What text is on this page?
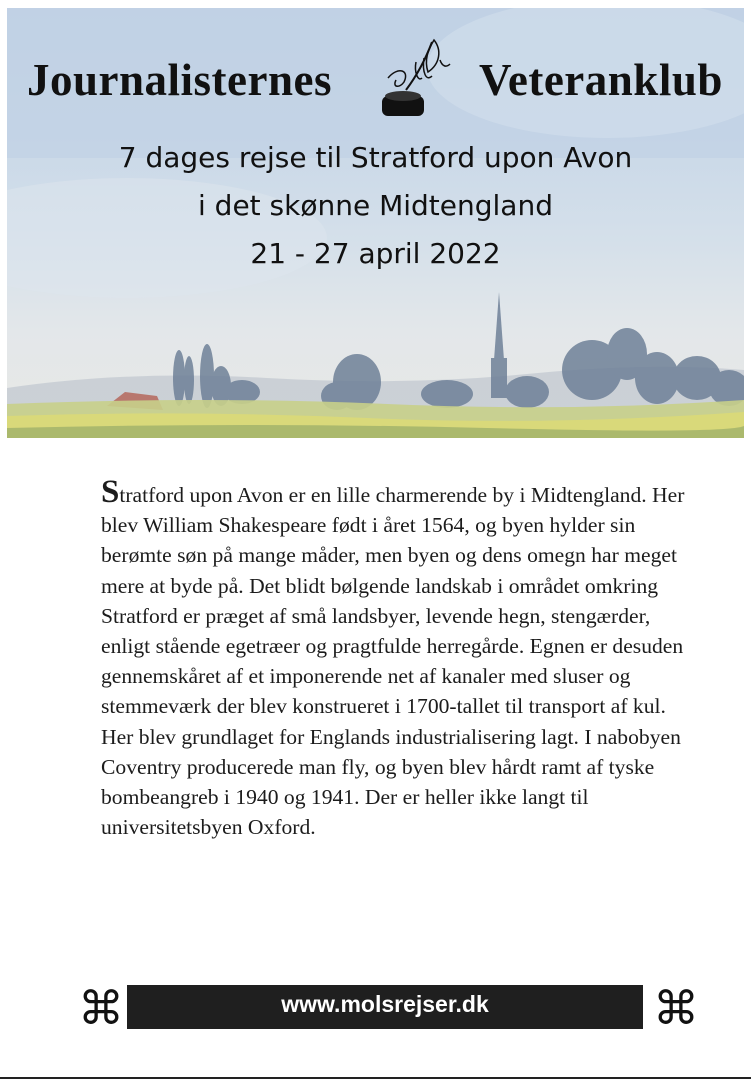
Journalisternes	Veteranklub
7 dages rejse til Stratford upon Avon
i det skønne Midtengland
21 - 27 april 2022
Stratford upon Avon er en lille charmerende by i Midtengland. Her blev William Shakespeare født i året 1564, og byen hylder sin berømte søn på mange måder, men byen og dens omegn har meget mere at byde på. Det blidt bølgende landskab i området omkring Stratford er præget af små landsbyer, levende hegn, stengærder, enligt stående egetræer og pragtfulde herregårde. Egnen er desuden gennemskåret af et imponerende net af kanaler med sluser og stemmeværk der blev konstrueret i 1700-tallet til transport af kul. Her blev grundlaget for Englands industrialisering lagt. I nabobyen Coventry producerede man fly, og byen blev hårdt ramt af tyske bombeangreb i 1940 og 1941. Der er heller ikke langt til universitetsbyen Oxford.
⌘	www.molsrejser.dk	⌘
